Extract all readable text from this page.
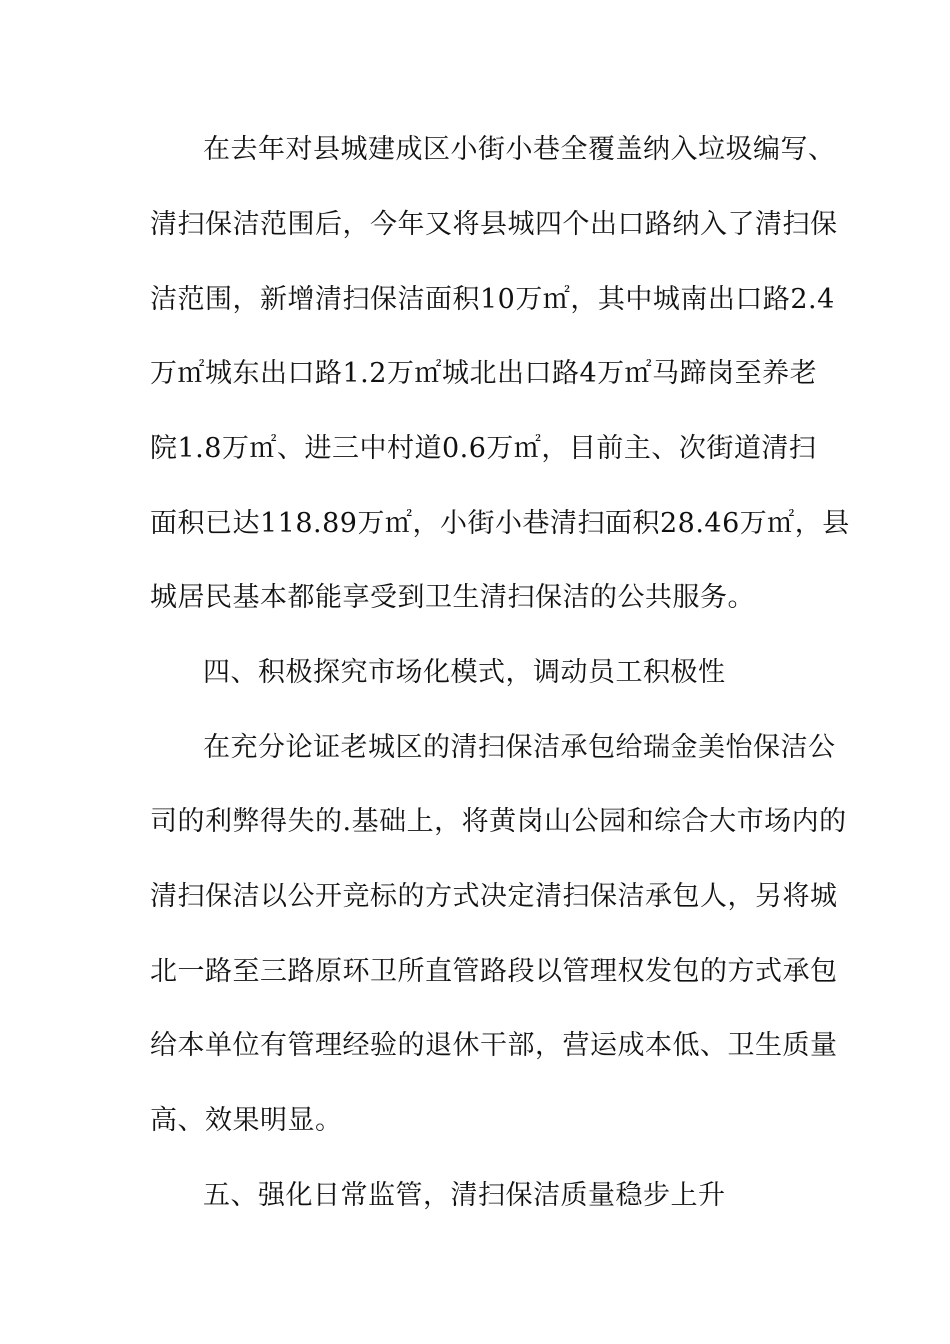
在去年对县城建成区小街小巷全覆盖纳入垃圾编写、
清扫保洁范围后，今年又将县城四个出口路纳入了清扫保
洁范围，新增清扫保洁面积10万㎡，其中城南出口路2.4
万㎡城东出口路1.2万㎡城北出口路4万㎡马蹄岗至养老
院1.8万㎡、进三中村道0.6万㎡，目前主、次街道清扫
面积已达118.89万㎡，小街小巷清扫面积28.46万㎡，县
城居民基本都能享受到卫生清扫保洁的公共服务。
四、积极探究市场化模式，调动员工积极性
在充分论证老城区的清扫保洁承包给瑞金美怡保洁公
司的利弊得失的.基础上，将黄岗山公园和综合大市场内的
清扫保洁以公开竞标的方式决定清扫保洁承包人，另将城
北一路至三路原环卫所直管路段以管理权发包的方式承包
给本单位有管理经验的退休干部，营运成本低、卫生质量
高、效果明显。
五、强化日常监管，清扫保洁质量稳步上升
